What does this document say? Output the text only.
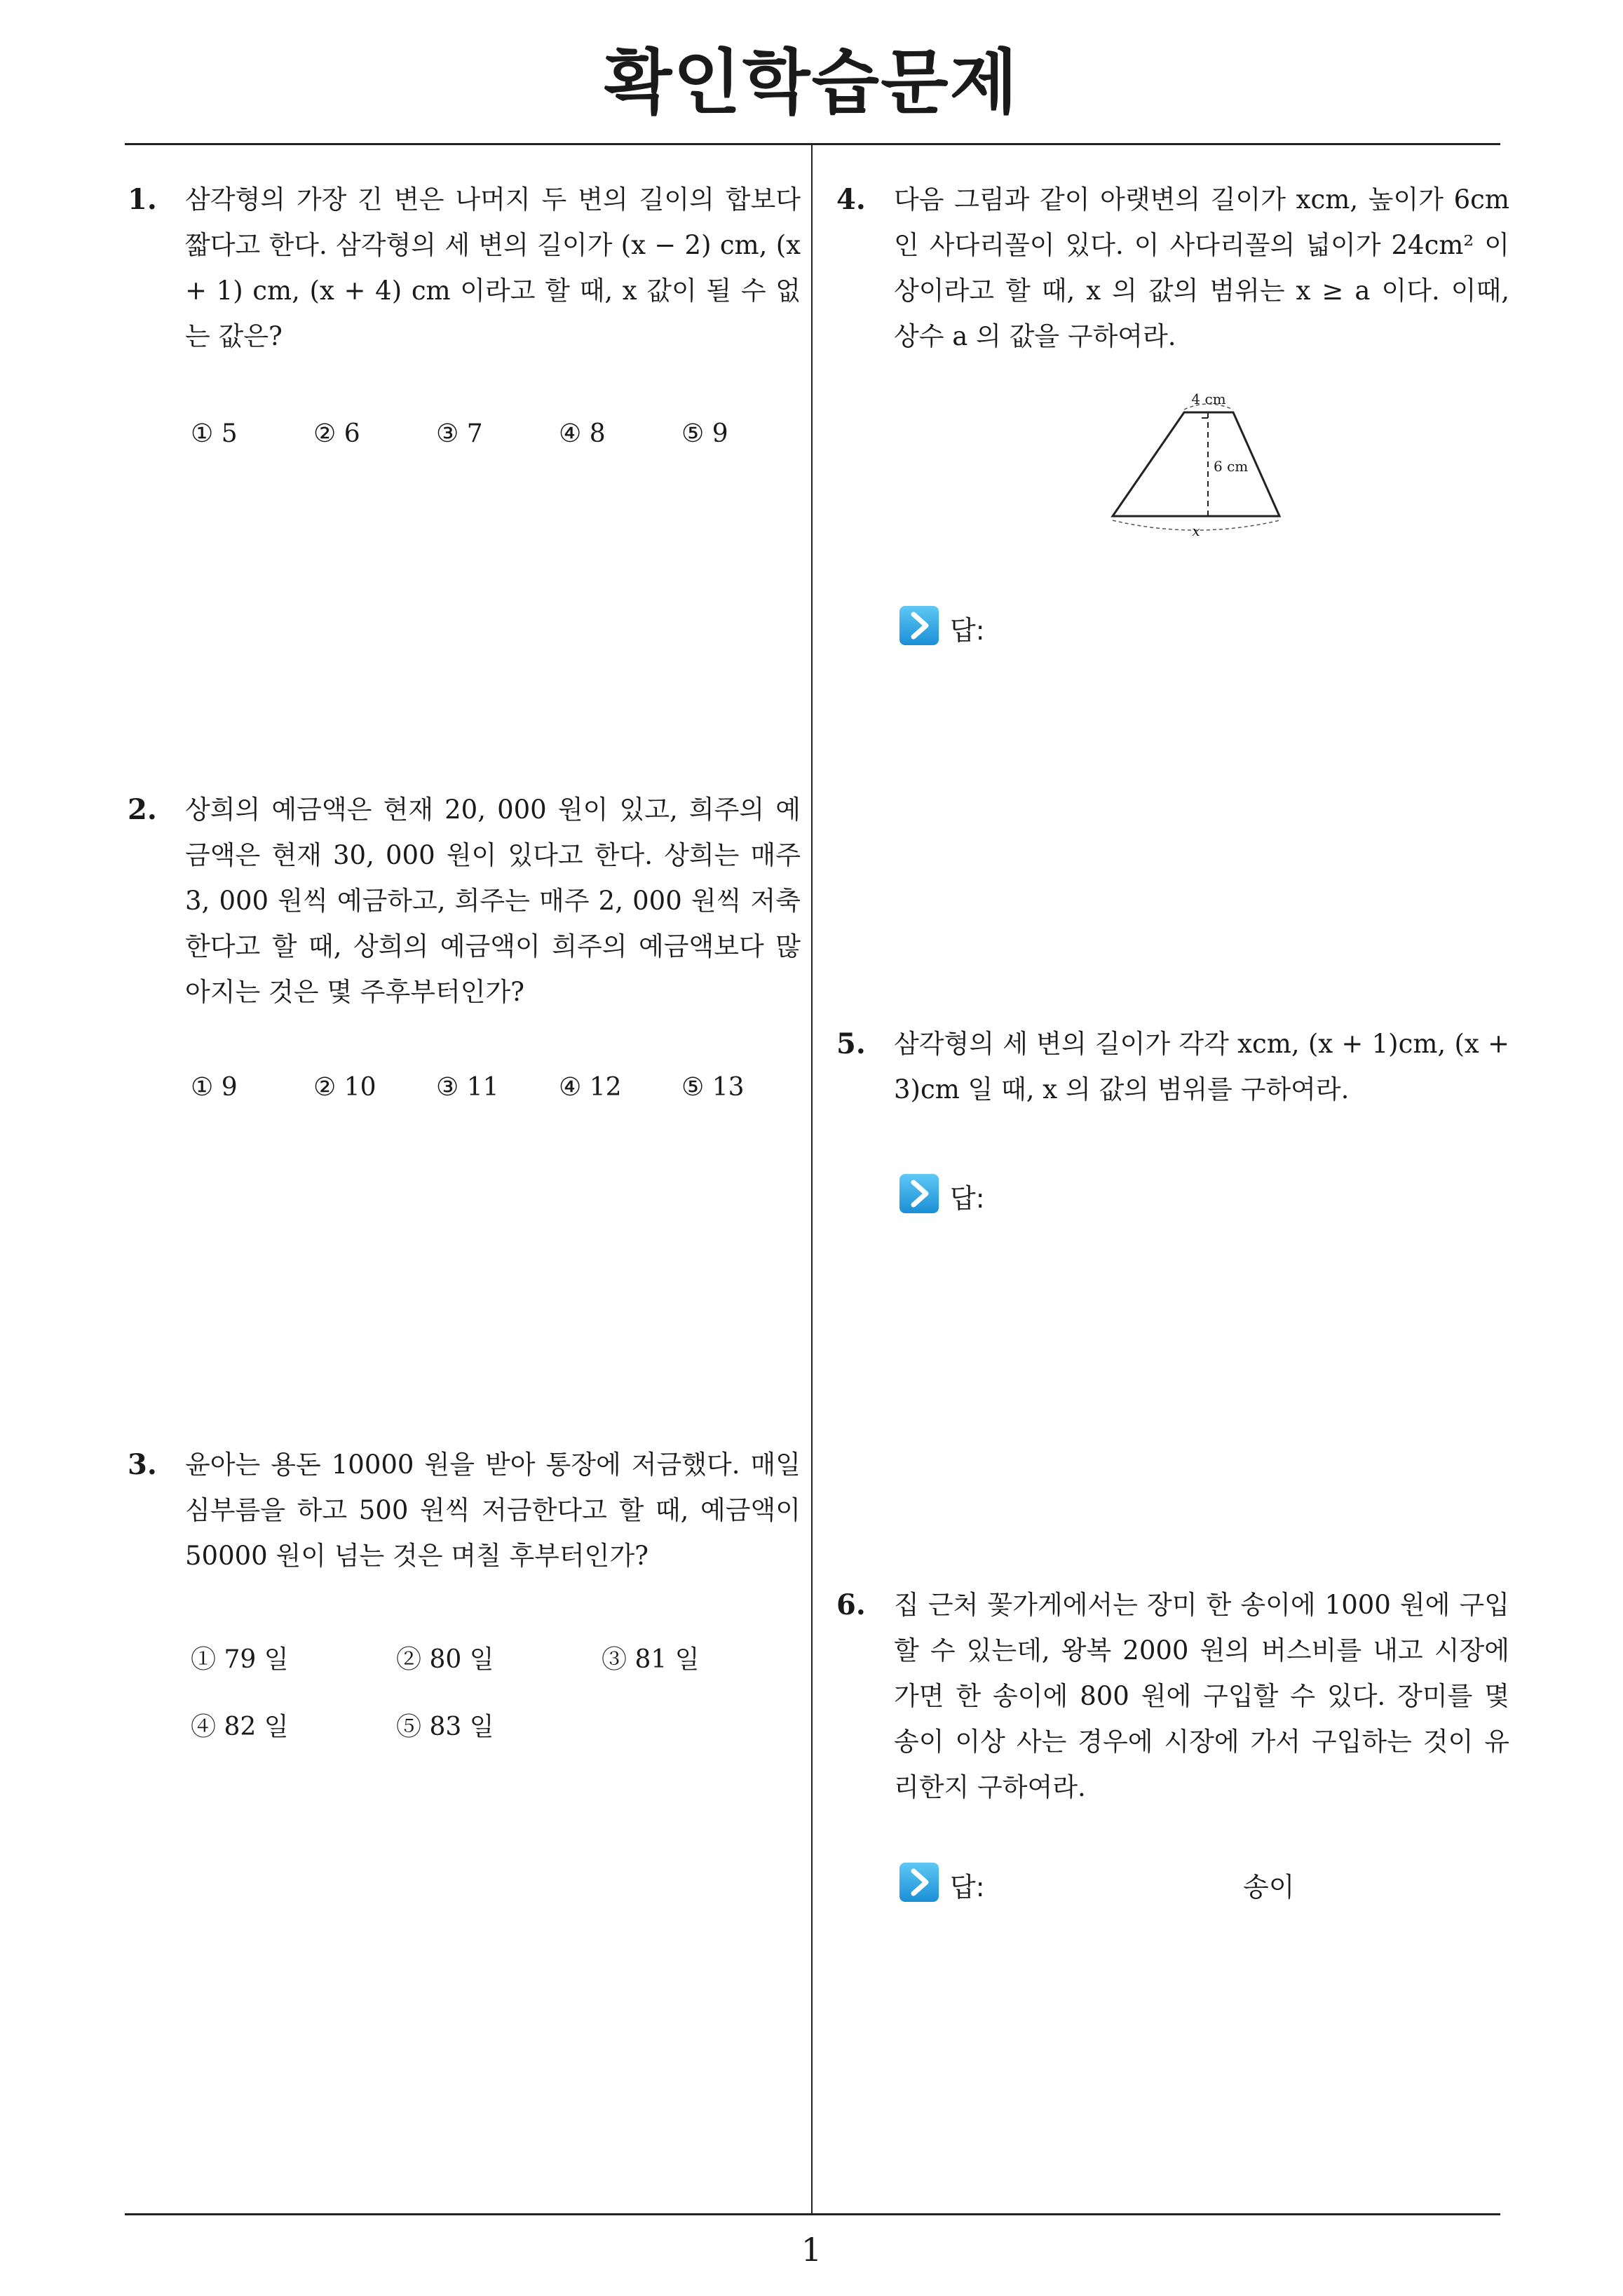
확인학습문제
1. 삼각형의 가장 긴 변은 나머지 두 변의 길이의 합보다 짧다고 한다. 삼각형의 세 변의 길이가 (x − 2) cm, (x + 1) cm, (x + 4) cm 이라고 할 때, x 값이 될 수 없는 값은?
① 5	② 6	③ 7	④ 8	⑤ 9
2. 상희의 예금액은 현재 20, 000 원이 있고, 희주의 예금액은 현재 30, 000 원이 있다고 한다. 상희는 매주 3, 000 원씩 예금하고, 희주는 매주 2, 000 원씩 저축한다고 할 때, 상희의 예금액이 희주의 예금액보다 많아지는 것은 몇 주후부터인가?
① 9	② 10 ③ 11 ④ 12 ⑤ 13
3. 윤아는 용돈 10000 원을 받아 통장에 저금했다. 매일 심부름을 하고 500 원씩 저금한다고 할 때, 예금액이 50000 원이 넘는 것은 며칠 후부터인가?
① 79 일	② 80 일	③ 81 일
④ 82 일	⑤ 83 일
4. 다음 그림과 같이 아랫변의 길이가 xcm, 높이가 6cm 인 사다리꼴이 있다. 이 사다리꼴의 넓이가 24cm² 이상이라고 할 때, x 의 값의 범위는 x ≥ a 이다. 이때, 상수 a 의 값을 구하여라.
4 cm
6 cm
x
답:
5. 삼각형의 세 변의 길이가 각각 xcm, (x + 1)cm, (x + 3)cm 일 때, x 의 값의 범위를 구하여라.
답:
6. 집 근처 꽃가게에서는 장미 한 송이에 1000 원에 구입할 수 있는데, 왕복 2000 원의 버스비를 내고 시장에 가면 한 송이에 800 원에 구입할 수 있다. 장미를 몇 송이 이상 사는 경우에 시장에 가서 구입하는 것이 유리한지 구하여라.
답:	송이
1
